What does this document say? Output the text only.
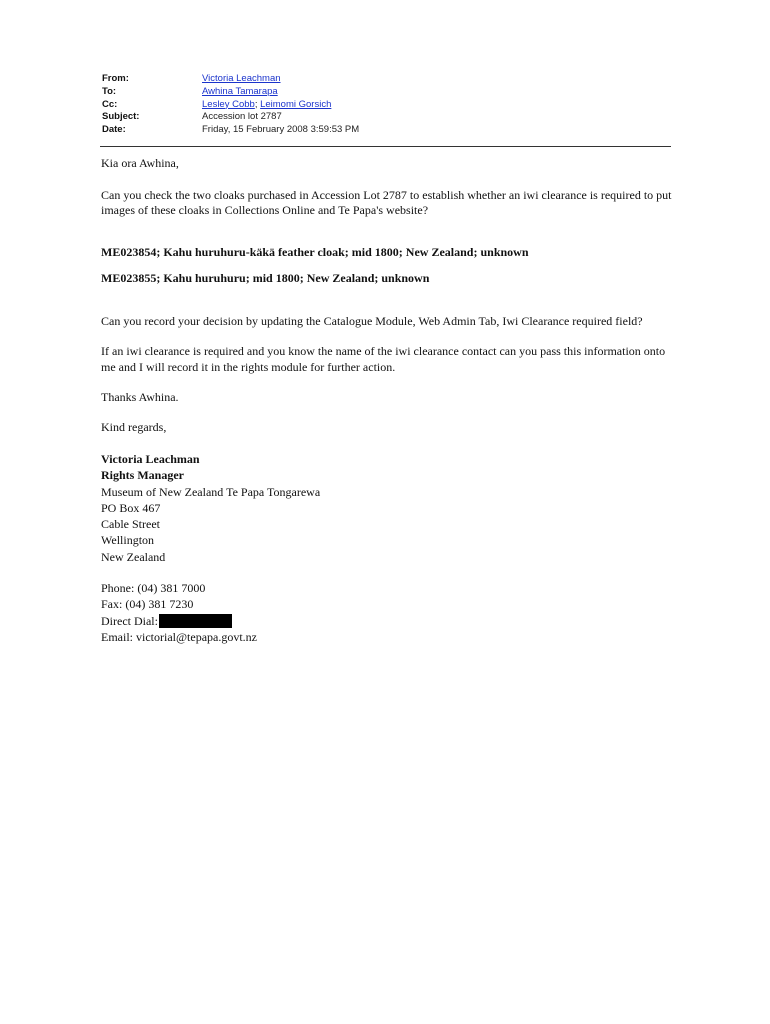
From:	Victoria Leachman
To:	Awhina Tamarapa
Cc:	Lesley Cobb; Leimomi Gorsich
Subject:	Accession lot 2787
Date:	Friday, 15 February 2008 3:59:53 PM

Kia ora Awhina,

Can you check the two cloaks purchased in Accession Lot 2787 to establish whether an iwi clearance is required to put images of these cloaks in Collections Online and Te Papa's website?

ME023854; Kahu huruhuru-käkä feather cloak; mid 1800; New Zealand; unknown

ME023855; Kahu huruhuru; mid 1800; New Zealand; unknown

Can you record your decision by updating the Catalogue Module, Web Admin Tab, Iwi Clearance required field?

If an iwi clearance is required and you know the name of the iwi clearance contact can you pass this information onto me and I will record it in the rights module for further action.

Thanks Awhina.

Kind regards,

Victoria Leachman
Rights Manager
Museum of New Zealand Te Papa Tongarewa
PO Box 467
Cable Street
Wellington
New Zealand
Phone: (04) 381 7000
Fax: (04) 381 7230
Direct Dial:
Email: victorial@tepapa.govt.nz
